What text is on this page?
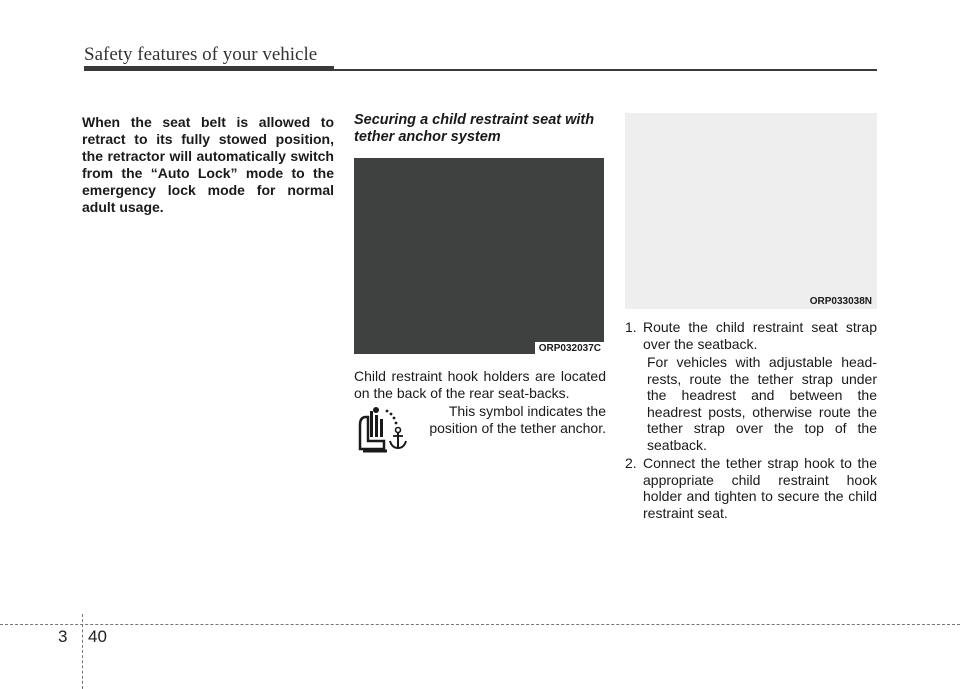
Safety features of your vehicle

When the seat belt is allowed to retract to its fully stowed position, the retractor will automatically switch from the “Auto Lock” mode to the emergency lock mode for normal adult usage.

Securing a child restraint seat with tether anchor system

ORP032037C

Child restraint hook holders are located on the back of the rear seat-backs.

This symbol indicates the position of the tether anchor.
ORP033038N
1. Route the child restraint seat strap over the seatback.

For vehicles with adjustable head-rests, route the tether strap under the headrest and between the headrest posts, otherwise route the tether strap over the top of the seatback.

2. Connect the tether strap hook to the appropriate child restraint hook holder and tighten to secure the child restraint seat.
3 40
